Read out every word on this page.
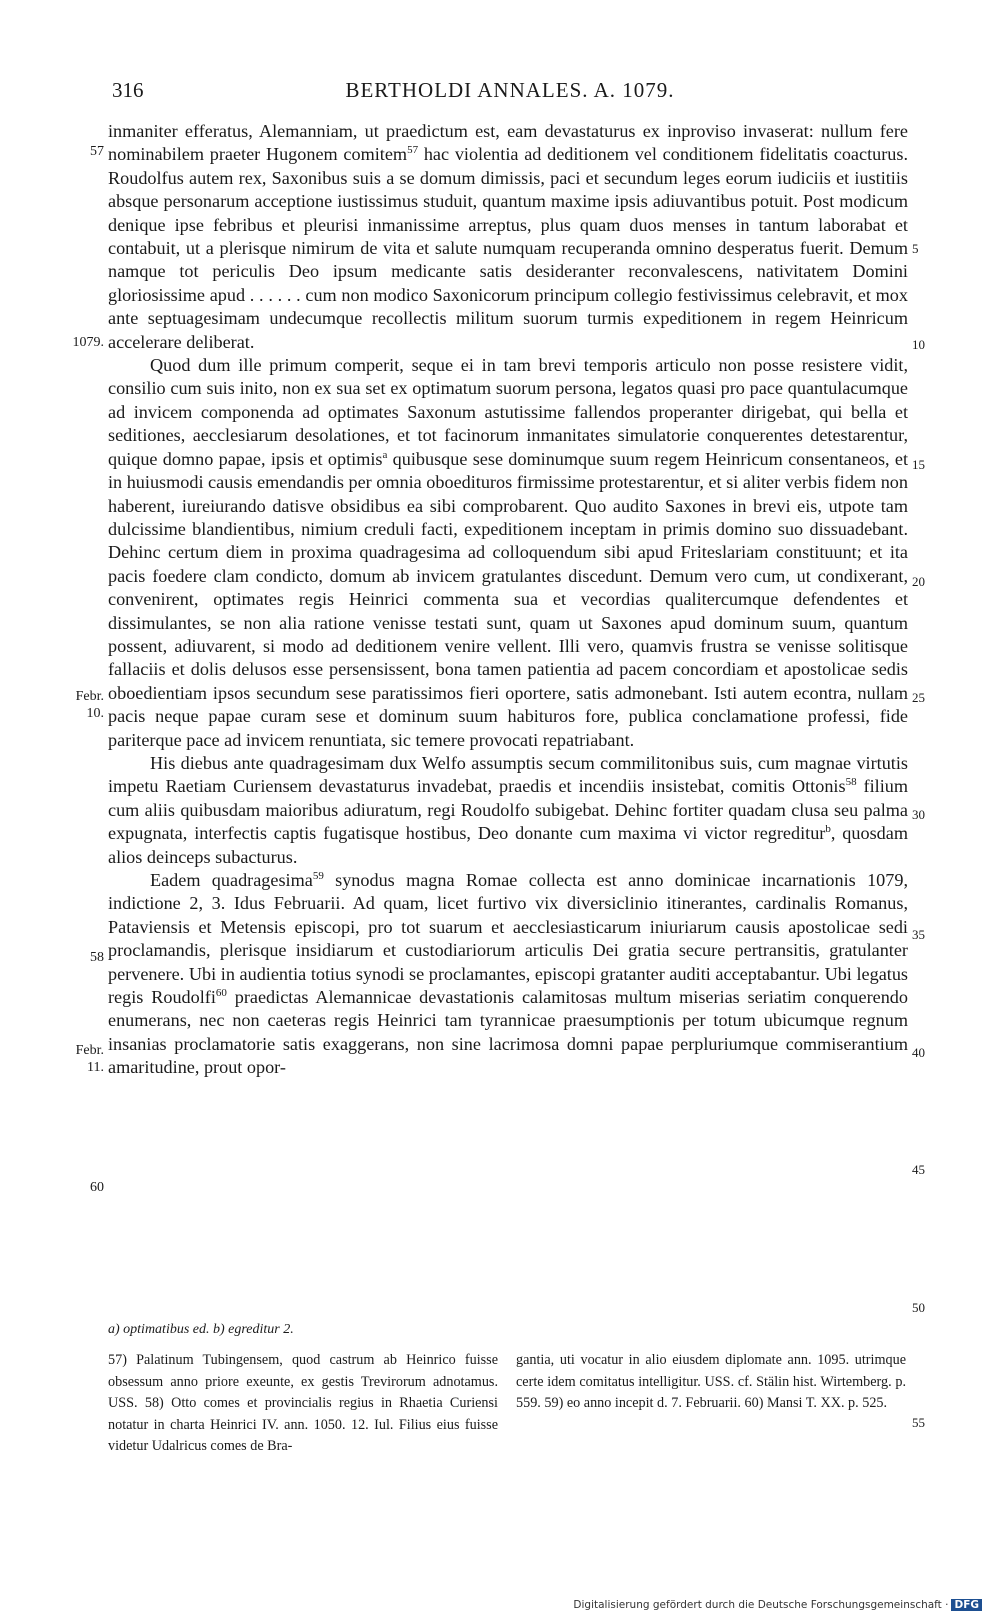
316	BERTHOLDI ANNALES. A. 1079.

inmaniter efferatus, Alemanniam, ut praedictum est, eam devastaturus ex inproviso invaserat: nullum fere nominabilem praeter Hugonem comitem$^{57}$ hac violentia ad deditionem vel conditionem fidelitatis coacturus. Roudolfus autem rex, Saxonibus suis a se domum dimissis, paci et secundum leges eorum iudiciis et iustitiis absque personarum acceptione iustissimus studuit, quantum maxime ipsis adiuvantibus potuit. Post modicum denique ipse febribus et pleurisi inmanissime arreptus, plus quam duos menses in tantum laborabat et contabuit, ut a plerisque nimirum de vita et salute numquam recuperanda omnino desperatus fuerit. Demum namque tot periculis Deo ipsum medicante satis desideranter reconvalescens, nativitatem Domini gloriosissime apud . . . . . . cum non modico Saxonicorum principum collegio festivissimus celebravit, et mox ante septuagesimam undecumque recollectis militum suorum turmis expeditionem in regem Heinricum accelerare deliberat.

Quod dum ille primum comperit, seque ei in tam brevi temporis articulo non posse resistere vidit, consilio cum suis inito, non ex sua set ex optimatum suorum persona, legatos quasi pro pace quantulacumque ad invicem componenda ad optimates Saxonum astutissime fallendos properanter dirigebat, qui bella et seditiones, aecclesiarum desolationes, et tot facinorum inmanitates simulatorie conquerentes detestarentur, quique domno papae, ipsis et optimis$^a$ quibusque sese dominumque suum regem Heinricum consentaneos, et in huiusmodi causis emendandis per omnia oboedituros firmissime protestarentur, et si aliter verbis fidem non haberent, iureiurando datisve obsidibus ea sibi comprobarent. Quo audito Saxones in brevi eis, utpote tam dulcissime blandientibus, nimium creduli facti, expeditionem inceptam in primis domino suo dissuadebant. Dehinc certum diem in proxima quadragesima ad colloquendum sibi apud Friteslariam constituunt; et ita pacis foedere clam condicto, domum ab invicem gratulantes discedunt. Demum vero cum, ut condixerant, convenirent, optimates regis Heinrici commenta sua et vecordias qualitercumque defendentes et dissimulantes, se non alia ratione venisse testati sunt, quam ut Saxones apud dominum suum, quantum possent, adiuvarent, si modo ad deditionem venire vellent. Illi vero, quamvis frustra se venisse solitisque fallaciis et dolis delusos esse persensissent, bona tamen patientia ad pacem concordiam et apostolicae sedis oboedientiam ipsos secundum sese paratissimos fieri oportere, satis admonebant. Isti autem econtra, nullam pacis neque papae curam sese et dominum suum habituros fore, publica conclamatione professi, fide pariterque pace ad invicem renuntiata, sic temere provocati repatriabant.

His diebus ante quadragesimam dux Welfo assumptis secum commilitonibus suis, cum magnae virtutis impetu Raetiam Curiensem devastaturus invadebat, praedis et incendiis insistebat, comitis Ottonis$^{58}$ filium cum aliis quibusdam maioribus adiuratum, regi Roudolfo subigebat. Dehinc fortiter quadam clusa seu palma expugnata, interfectis captis fugatisque hostibus, Deo donante cum maxima vi victor regreditur$^b$, quosdam alios deinceps subacturus.

Eadem quadragesima$^{59}$ synodus magna Romae collecta est anno dominicae incarnationis 1079, indictione 2, 3. Idus Februarii. Ad quam, licet furtivo vix diversiclinio itinerantes, cardinalis Romanus, Pataviensis et Metensis episcopi, pro tot suarum et aecclesiasticarum iniuriarum causis apostolicae sedi proclamandis, plerisque insidiarum et custodiariorum articulis Dei gratia secure pertransitis, gratulanter pervenere. Ubi in audientia totius synodi se proclamantes, episcopi gratanter auditi acceptabantur. Ubi legatus regis Roudolfi$^{60}$ praedictas Alemannicae devastationis calamitosas multum miserias seriatim conquerendo enumerans, nec non caeteras regis Heinrici tam tyrannicae praesumptionis per totum ubicumque regnum insanias proclamatorie satis exaggerans, non sine lacrimosa domni papae perpluriumque commiserantium amaritudine, prout opor-

57
1079.
Febr.
10.
58
Febr.
11.
60
5
10
15
20
25
30
35
40
45
50
55
a) optimatibus ed. b) egreditur 2.
57) Palatinum Tubingensem, quod castrum ab Heinrico fuisse obsessum anno priore exeunte, ex gestis Trevirorum adnotamus. USS. 58) Otto comes et provincialis regius in Rhaetia Curiensi notatur in charta Heinrici IV. ann. 1050. 12. Iul. Filius eius fuisse videtur Udalricus comes de Bra-
gantia, uti vocatur in alio eiusdem diplomate ann. 1095. utrimque certe idem comitatus intelligitur. USS. cf. Stälin hist. Wirtemberg. p. 559. 59) eo anno incepit d. 7. Februarii. 60) Mansi T. XX. p. 525.
Digitalisierung gefördert durch die Deutsche Forschungsgemeinschaft · DFG
